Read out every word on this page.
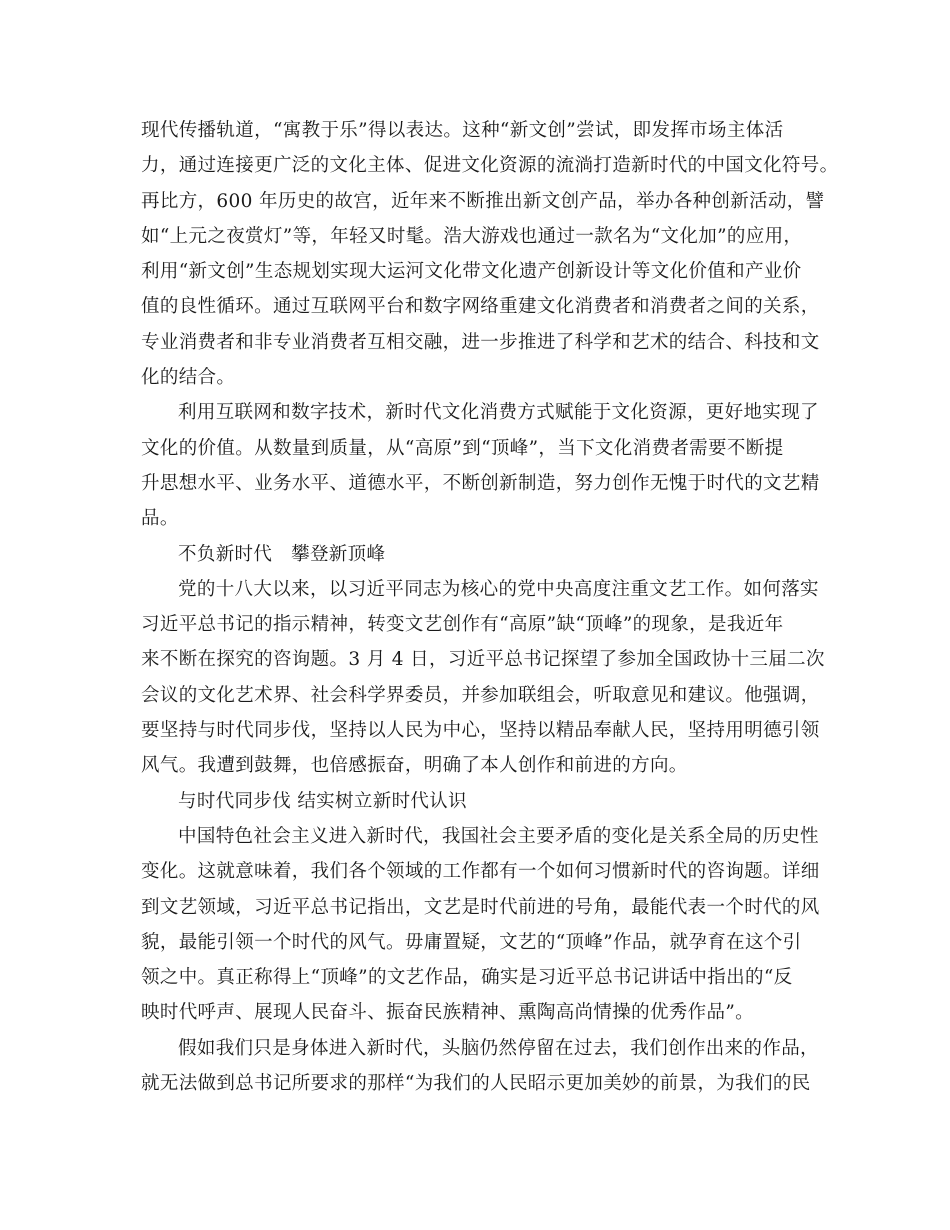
现代传播轨道，“寓教于乐”得以表达。这种“新文创”尝试，即发挥市场主体活
力，通过连接更广泛的文化主体、促进文化资源的流淌打造新时代的中国文化符号。
再比方，600 年历史的故宫，近年来不断推出新文创产品，举办各种创新活动，譬
如“上元之夜赏灯”等，年轻又时髦。浩大游戏也通过一款名为“文化加”的应用，
利用“新文创”生态规划实现大运河文化带文化遗产创新设计等文化价值和产业价
值的良性循环。通过互联网平台和数字网络重建文化消费者和消费者之间的关系，
专业消费者和非专业消费者互相交融，进一步推进了科学和艺术的结合、科技和文
化的结合。
利用互联网和数字技术，新时代文化消费方式赋能于文化资源，更好地实现了
文化的价值。从数量到质量，从“高原”到“顶峰”，当下文化消费者需要不断提
升思想水平、业务水平、道德水平，不断创新制造，努力创作无愧于时代的文艺精
品。
不负新时代　攀登新顶峰
党的十八大以来，以习近平同志为核心的党中央高度注重文艺工作。如何落实
习近平总书记的指示精神，转变文艺创作有“高原”缺“顶峰”的现象，是我近年
来不断在探究的咨询题。3 月 4 日，习近平总书记探望了参加全国政协十三届二次
会议的文化艺术界、社会科学界委员，并参加联组会，听取意见和建议。他强调，
要坚持与时代同步伐，坚持以人民为中心，坚持以精品奉献人民，坚持用明德引领
风气。我遭到鼓舞，也倍感振奋，明确了本人创作和前进的方向。
与时代同步伐 结实树立新时代认识
中国特色社会主义进入新时代，我国社会主要矛盾的变化是关系全局的历史性
变化。这就意味着，我们各个领域的工作都有一个如何习惯新时代的咨询题。详细
到文艺领域，习近平总书记指出，文艺是时代前进的号角，最能代表一个时代的风
貌，最能引领一个时代的风气。毋庸置疑，文艺的“顶峰”作品，就孕育在这个引
领之中。真正称得上“顶峰”的文艺作品，确实是习近平总书记讲话中指出的“反
映时代呼声、展现人民奋斗、振奋民族精神、熏陶高尚情操的优秀作品”。
假如我们只是身体进入新时代，头脑仍然停留在过去，我们创作出来的作品，
就无法做到总书记所要求的那样“为我们的人民昭示更加美妙的前景，为我们的民
